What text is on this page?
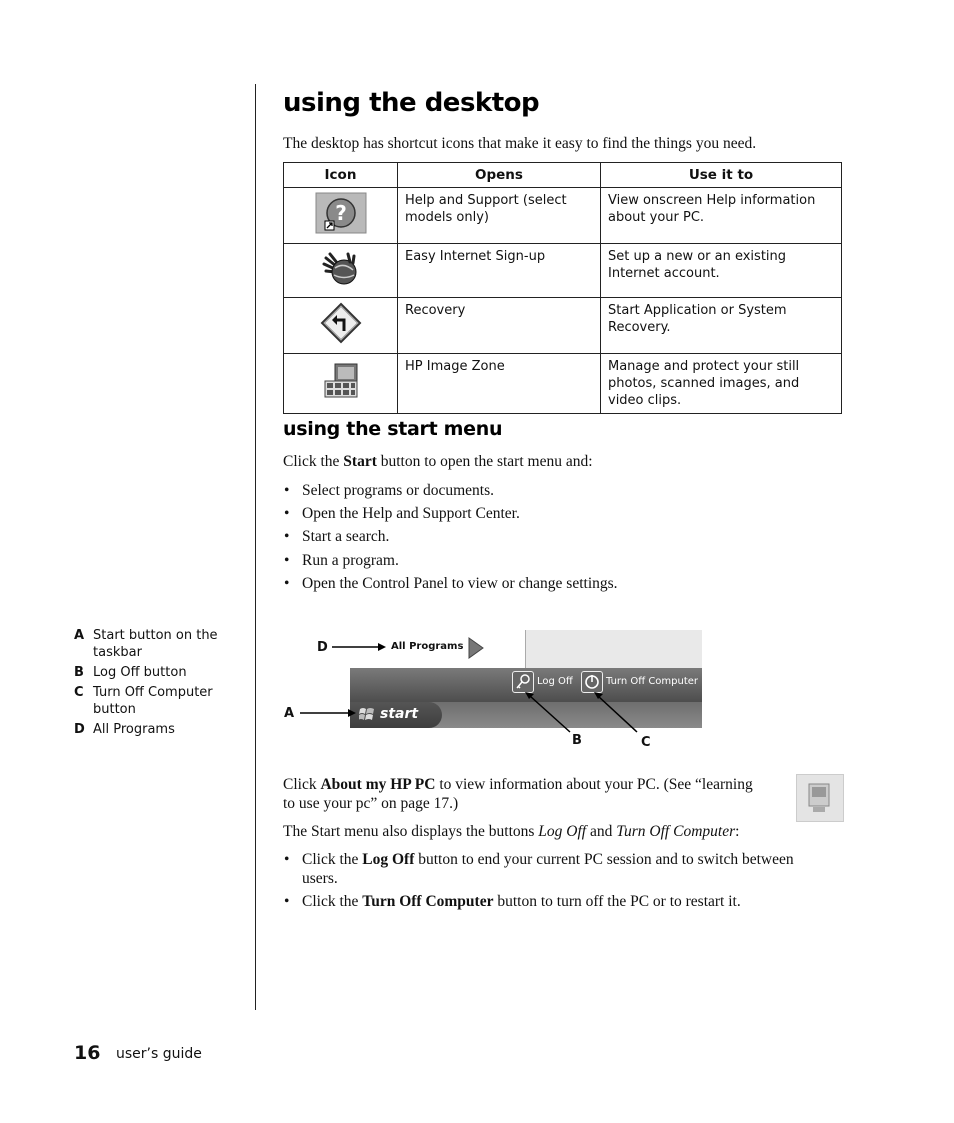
using the desktop
The desktop has shortcut icons that make it easy to find the things you need.
Icon	Opens	Use it to

?	Help and Support (select models only)	View onscreen Help information about your PC.
	Easy Internet Sign-up	Set up a new or an existing Internet account.
	Recovery	Start Application or System Recovery.
	HP Image Zone	Manage and protect your still photos, scanned images, and video clips.
using the start menu
Click the Start button to open the start menu and:
• Select programs or documents.
• Open the Help and Support Center.
• Start a search.
• Run a program.
• Open the Control Panel to view or change settings.
A Start button on the taskbar
B Log Off button
C Turn Off Computer button
D All Programs
All Programs
Log Off	Turn Off Computer
start
D
A
B	C
Click About my HP PC to view information about your PC. (See “learning to use your pc” on page 17.)
The Start menu also displays the buttons Log Off and Turn Off Computer:
• Click the Log Off button to end your current PC session and to switch between users.
• Click the Turn Off Computer button to turn off the PC or to restart it.
16 user’s guide
